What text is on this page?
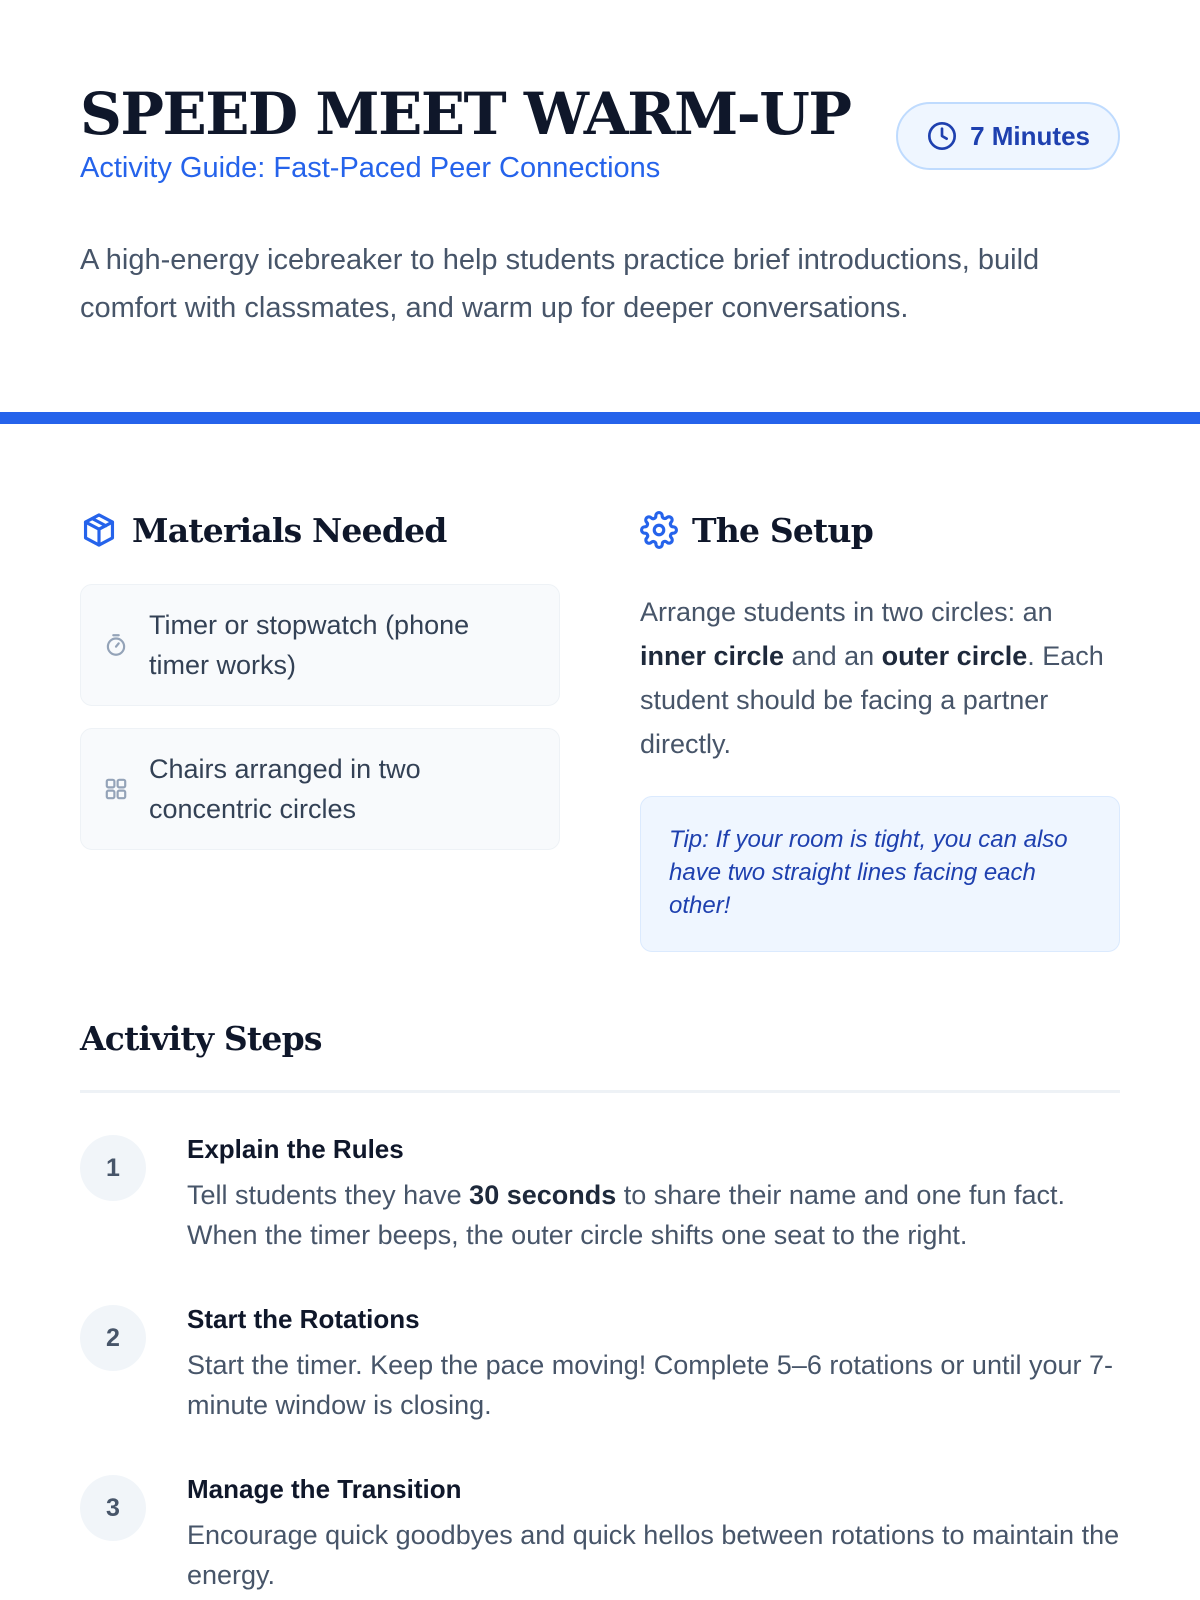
SPEED MEET WARM-UP
Activity Guide: Fast-Paced Peer Connections
7 Minutes

A high-energy icebreaker to help students practice brief introductions, build comfort with classmates, and warm up for deeper conversations.

Materials Needed
Timer or stopwatch (phone timer works)
Chairs arranged in two concentric circles
The Setup

Arrange students in two circles: an inner circle and an outer circle. Each student should be facing a partner directly.

Tip: If your room is tight, you can also have two straight lines facing each other!
Activity Steps
1
Explain the Rules

Tell students they have 30 seconds to share their name and one fun fact. When the timer beeps, the outer circle shifts one seat to the right.

2
Start the Rotations

Start the timer. Keep the pace moving! Complete 5–6 rotations or until your 7-minute window is closing.

3
Manage the Transition

Encourage quick goodbyes and quick hellos between rotations to maintain the energy.
